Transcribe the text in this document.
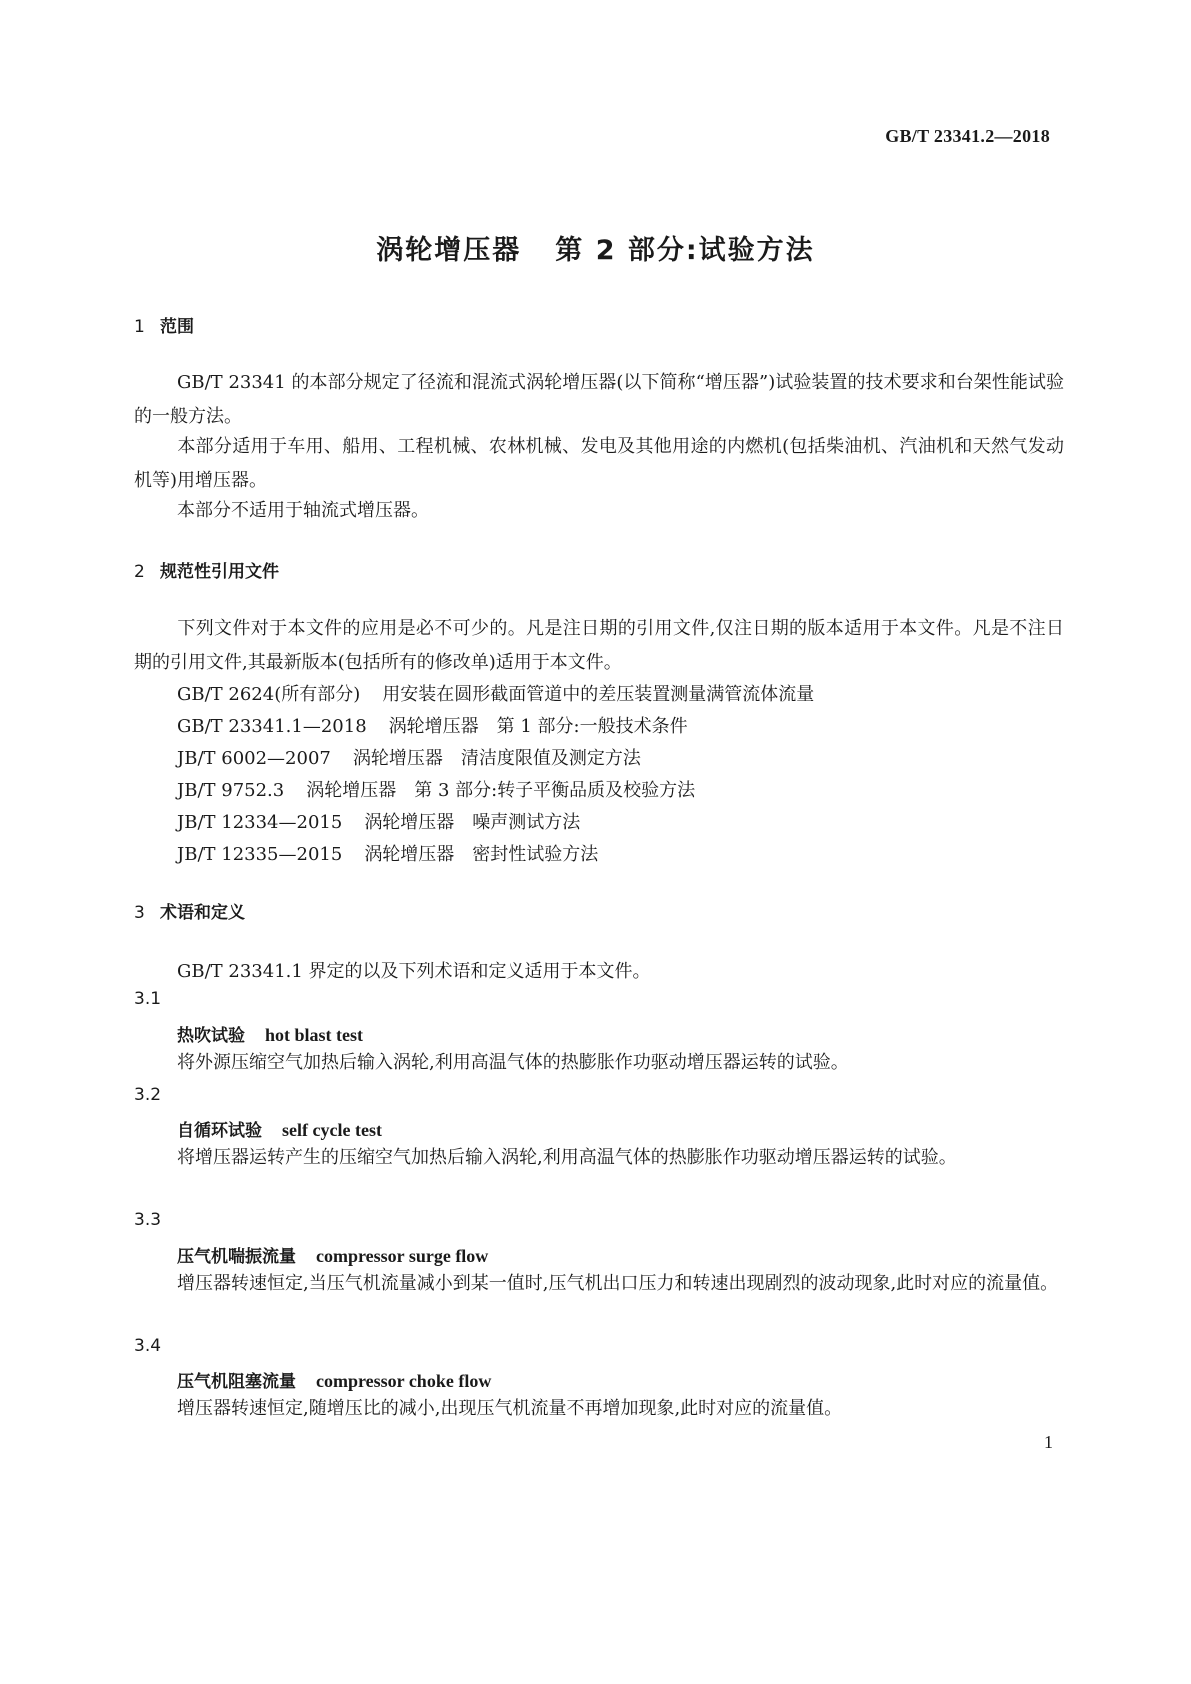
GB/T 23341.2—2018
涡轮增压器 第 2 部分:试验方法
1 范围
GB/T 23341 的本部分规定了径流和混流式涡轮增压器(以下简称“增压器”)试验装置的技术要求和台架性能试验的一般方法。
本部分适用于车用、船用、工程机械、农林机械、发电及其他用途的内燃机(包括柴油机、汽油机和天然气发动机等)用增压器。
本部分不适用于轴流式增压器。
2 规范性引用文件
下列文件对于本文件的应用是必不可少的。凡是注日期的引用文件,仅注日期的版本适用于本文件。凡是不注日期的引用文件,其最新版本(包括所有的修改单)适用于本文件。
GB/T 2624(所有部分) 用安装在圆形截面管道中的差压装置测量满管流体流量
GB/T 23341.1—2018 涡轮增压器　第 1 部分:一般技术条件
JB/T 6002—2007 涡轮增压器　清洁度限值及测定方法
JB/T 9752.3 涡轮增压器　第 3 部分:转子平衡品质及校验方法
JB/T 12334—2015 涡轮增压器　噪声测试方法
JB/T 12335—2015 涡轮增压器　密封性试验方法
3 术语和定义
GB/T 23341.1 界定的以及下列术语和定义适用于本文件。
3.1
热吹试验 hot blast test
将外源压缩空气加热后输入涡轮,利用高温气体的热膨胀作功驱动增压器运转的试验。
3.2
自循环试验 self cycle test
将增压器运转产生的压缩空气加热后输入涡轮,利用高温气体的热膨胀作功驱动增压器运转的试验。
3.3
压气机喘振流量 compressor surge flow
增压器转速恒定,当压气机流量减小到某一值时,压气机出口压力和转速出现剧烈的波动现象,此时对应的流量值。
3.4
压气机阻塞流量 compressor choke flow
增压器转速恒定,随增压比的减小,出现压气机流量不再增加现象,此时对应的流量值。
1
